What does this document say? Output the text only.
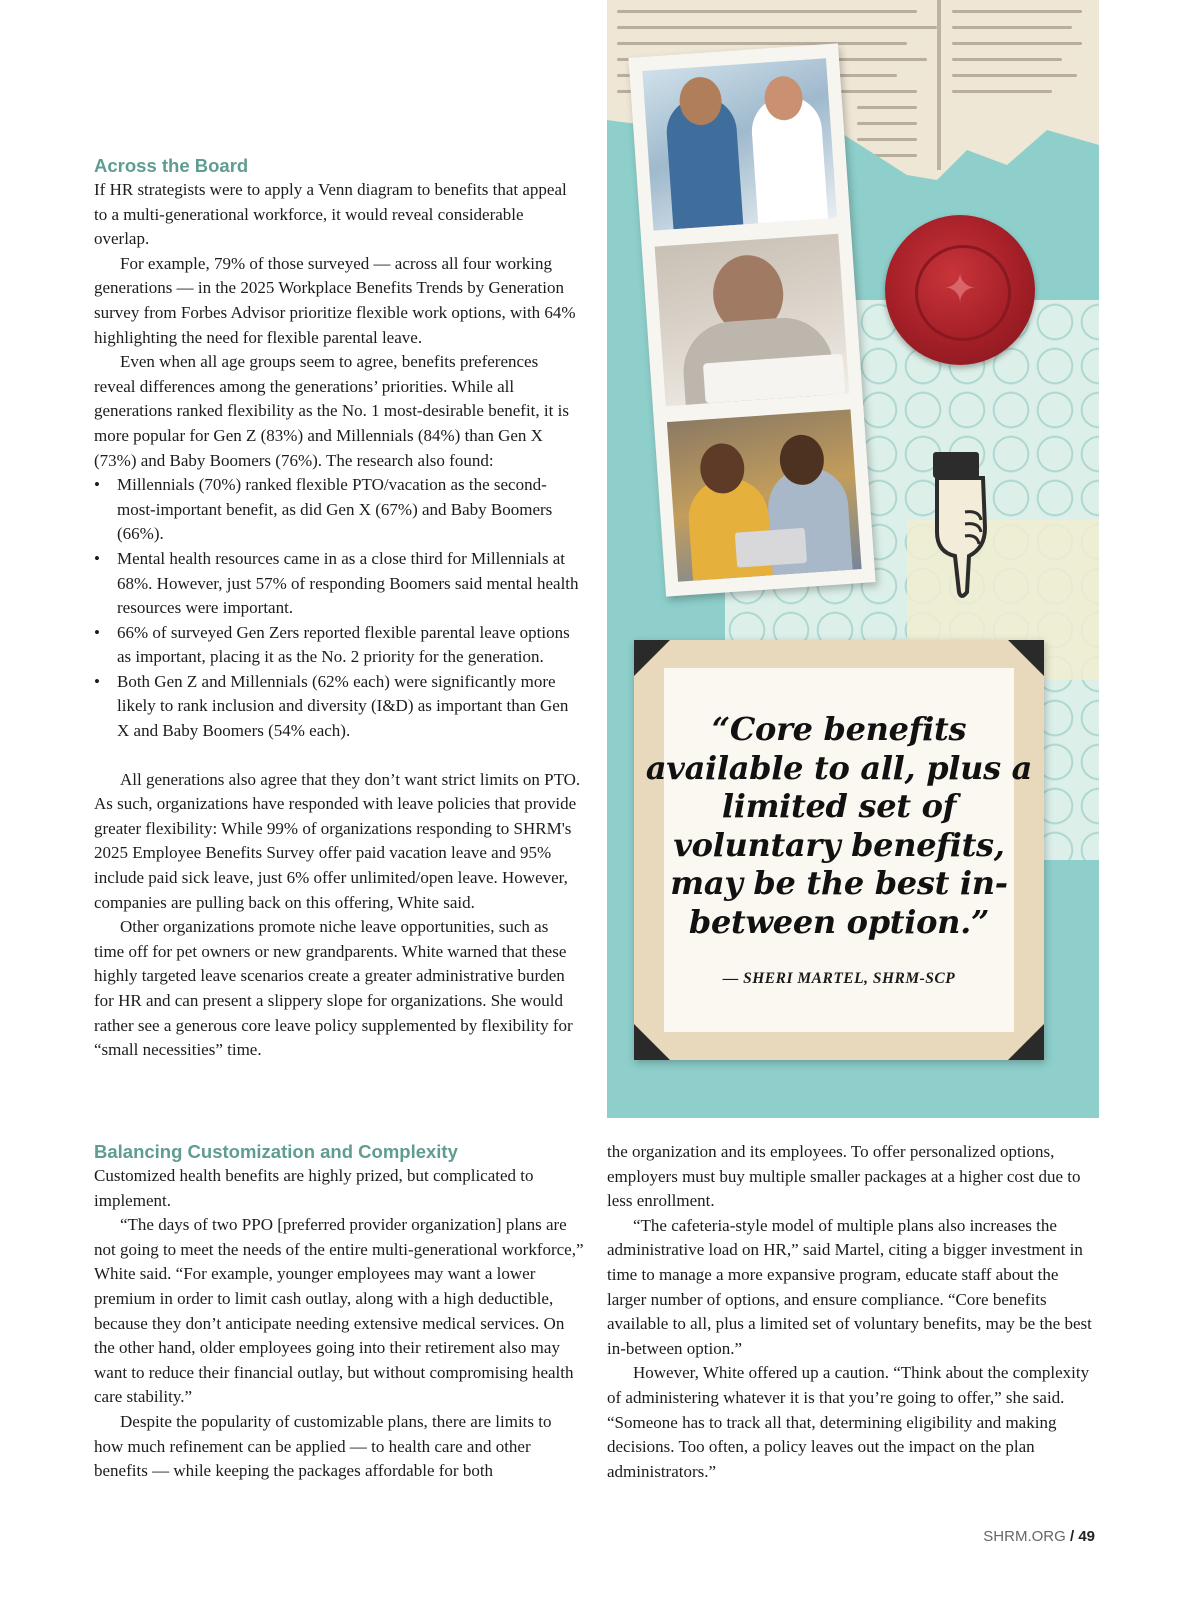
Across the Board

If HR strategists were to apply a Venn diagram to benefits that appeal to a multi-generational workforce, it would reveal considerable overlap.

For example, 79% of those surveyed — across all four working generations — in the 2025 Workplace Benefits Trends by Generation survey from Forbes Advisor prioritize flexible work options, with 64% highlighting the need for flexible parental leave.

Even when all age groups seem to agree, benefits preferences reveal differences among the generations’ priorities. While all generations ranked flexibility as the No. 1 most-desirable benefit, it is more popular for Gen Z (83%) and Millennials (84%) than Gen X (73%) and Baby Boomers (76%). The research also found:

• Millennials (70%) ranked flexible PTO/vacation as the second-most-important benefit, as did Gen X (67%) and Baby Boomers (66%).
• Mental health resources came in as a close third for Millennials at 68%. However, just 57% of responding Boomers said mental health resources were important.
• 66% of surveyed Gen Zers reported flexible parental leave options as important, placing it as the No. 2 priority for the generation.
• Both Gen Z and Millennials (62% each) were significantly more likely to rank inclusion and diversity (I&D) as important than Gen X and Baby Boomers (54% each).

All generations also agree that they don’t want strict limits on PTO. As such, organizations have responded with leave policies that provide greater flexibility: While 99% of organizations responding to SHRM's 2025 Employee Benefits Survey offer paid vacation leave and 95% include paid sick leave, just 6% offer unlimited/open leave. However, companies are pulling back on this offering, White said.

Other organizations promote niche leave opportunities, such as time off for pet owners or new grandparents. White warned that these highly targeted leave scenarios create a greater administrative burden for HR and can present a slippery slope for organizations. She would rather see a generous core leave policy supplemented by flexibility for “small necessities” time.

✦
“Core benefits available to all, plus a limited set of voluntary benefits, may be the best in-between option.”
— SHERI MARTEL, SHRM-SCP
Balancing Customization and Complexity

Customized health benefits are highly prized, but complicated to implement.

“The days of two PPO [preferred provider organization] plans are not going to meet the needs of the entire multi-generational workforce,” White said. “For example, younger employees may want a lower premium in order to limit cash outlay, along with a high deductible, because they don’t anticipate needing extensive medical services. On the other hand, older employees going into their retirement also may want to reduce their financial outlay, but without compromising health care stability.”

Despite the popularity of customizable plans, there are limits to how much refinement can be applied — to health care and other benefits — while keeping the packages affordable for both

the organization and its employees. To offer personalized options, employers must buy multiple smaller packages at a higher cost due to less enrollment.

“The cafeteria-style model of multiple plans also increases the administrative load on HR,” said Martel, citing a bigger investment in time to manage a more expansive program, educate staff about the larger number of options, and ensure compliance. “Core benefits available to all, plus a limited set of voluntary benefits, may be the best in-between option.”

However, White offered up a caution. “Think about the complexity of administering whatever it is that you’re going to offer,” she said. “Someone has to track all that, determining eligibility and making decisions. Too often, a policy leaves out the impact on the plan administrators.”

SHRM.ORG / 49
